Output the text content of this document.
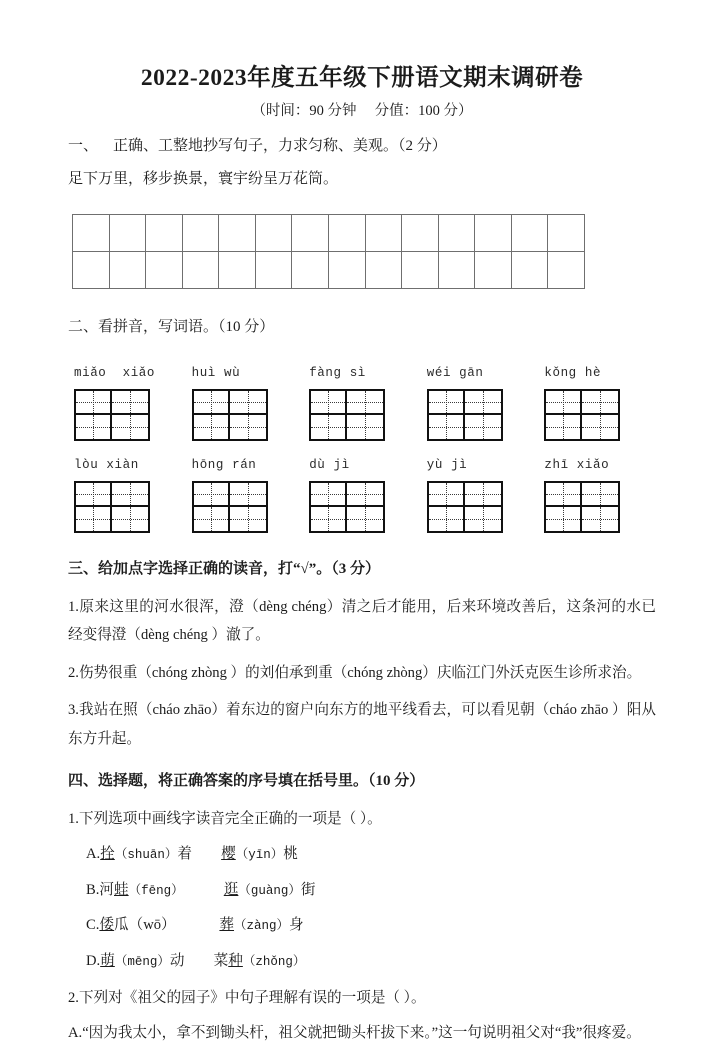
2022-2023年度五年级下册语文期末调研卷
（时间：90 分钟     分值：100 分）
一、    正确、工整地抄写句子，力求匀称、美观。（2 分）
足下万里，移步换景，寰宇纷呈万花筒。

二、看拼音，写词语。（10 分）
miǎo  xiǎo	huì wù	fàng sì	wéi gān	kǒng hè
lòu xiàn	hōng rán	dù jì	yù jì	zhī xiǎo
三、给加点字选择正确的读音，打“√”。（3 分）
1.原来这里的河水很浑，澄（dèng chéng）清之后才能用，后来环境改善后，这条河的水已经变得澄（dèng chéng ）澈了。
2.伤势很重（chóng zhòng ）的刘伯承到重（chóng zhòng）庆临江门外沃克医生诊所求治。
3.我站在照（cháo zhāo）着东边的窗户向东方的地平线看去，可以看见朝（cháo zhāo ）阳从东方升起。
四、选择题，将正确答案的序号填在括号里。（10 分）
1.下列选项中画线字读音完全正确的一项是（ ）。
A.拴（shuān）着 樱（yīn）桃
B.河蛙（fēng）	逛（guàng）街
C.倭瓜（wō）	葬（zàng）身
D.萌（mēng）动 菜种（zhǒng）
2.下列对《祖父的园子》中句子理解有误的一项是（ ）。
A.“因为我太小，拿不到锄头杆，祖父就把锄头杆拔下来。”这一句说明祖父对“我”很疼爱。
